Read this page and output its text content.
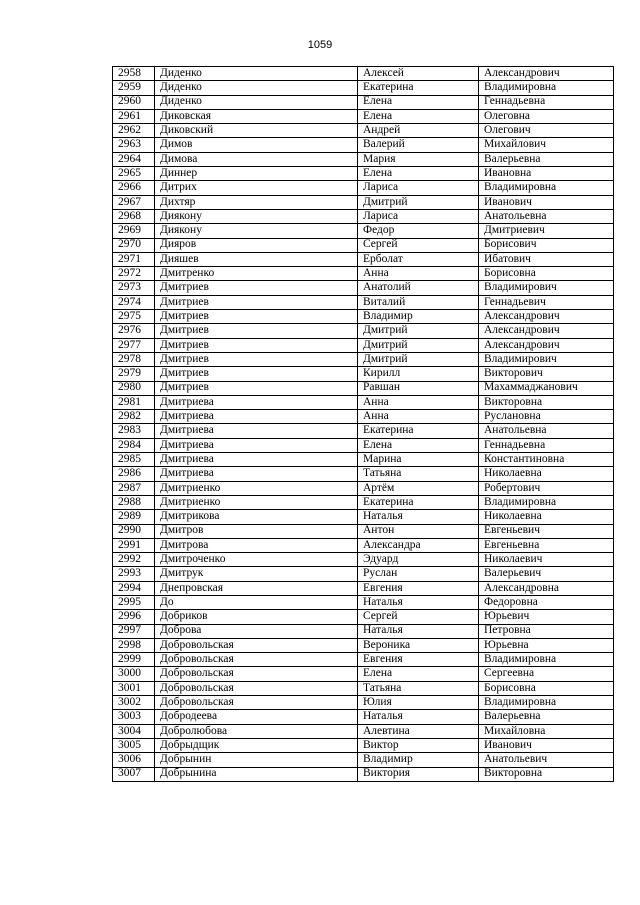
1059
2958	Диденко	Алексей	Александрович
2959	Диденко	Екатерина	Владимировна
2960	Диденко	Елена	Геннадьевна
2961	Диковская	Елена	Олеговна
2962	Диковский	Андрей	Олегович
2963	Димов	Валерий	Михайлович
2964	Димова	Мария	Валерьевна
2965	Диннер	Елена	Ивановна
2966	Дитрих	Лариса	Владимировна
2967	Дихтяр	Дмитрий	Иванович
2968	Диякону	Лариса	Анатольевна
2969	Диякону	Федор	Дмитриевич
2970	Дияров	Сергей	Борисович
2971	Дияшев	Ерболат	Ибатович
2972	Дмитренко	Анна	Борисовна
2973	Дмитриев	Анатолий	Владимирович
2974	Дмитриев	Виталий	Геннадьевич
2975	Дмитриев	Владимир	Александрович
2976	Дмитриев	Дмитрий	Александрович
2977	Дмитриев	Дмитрий	Александрович
2978	Дмитриев	Дмитрий	Владимирович
2979	Дмитриев	Кирилл	Викторович
2980	Дмитриев	Равшан	Махаммаджанович
2981	Дмитриева	Анна	Викторовна
2982	Дмитриева	Анна	Руслановна
2983	Дмитриева	Екатерина	Анатольевна
2984	Дмитриева	Елена	Геннадьевна
2985	Дмитриева	Марина	Константиновна
2986	Дмитриева	Татьяна	Николаевна
2987	Дмитриенко	Артём	Робертович
2988	Дмитриенко	Екатерина	Владимировна
2989	Дмитрикова	Наталья	Николаевна
2990	Дмитров	Антон	Евгеньевич
2991	Дмитрова	Александра	Евгеньевна
2992	Дмитроченко	Эдуард	Николаевич
2993	Дмитрук	Руслан	Валерьевич
2994	Днепровская	Евгения	Александровна
2995	До	Наталья	Федоровна
2996	Добриков	Сергей	Юрьевич
2997	Доброва	Наталья	Петровна
2998	Добровольская	Вероника	Юрьевна
2999	Добровольская	Евгения	Владимировна
3000	Добровольская	Елена	Сергеевна
3001	Добровольская	Татьяна	Борисовна
3002	Добровольская	Юлия	Владимировна
3003	Добродеева	Наталья	Валерьевна
3004	Добролюбова	Алевтина	Михайловна
3005	Добрыдщик	Виктор	Иванович
3006	Добрынин	Владимир	Анатольевич
3007	Добрынина	Виктория	Викторовна
